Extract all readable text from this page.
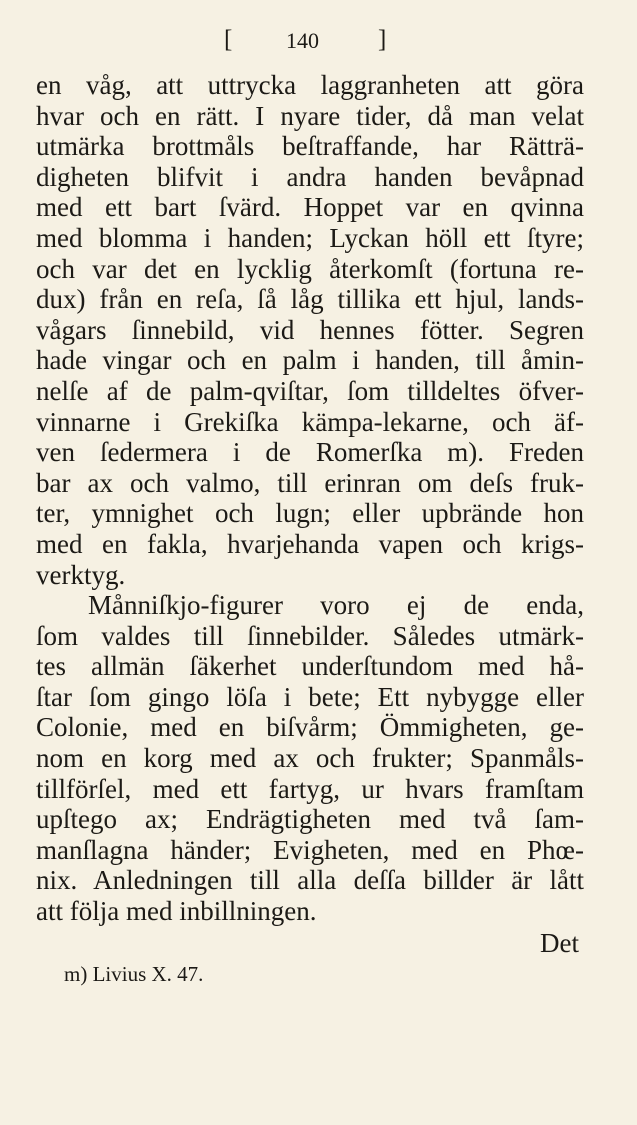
[ 140 ]
en våg, att uttrycka laggranheten att göra
hvar och en rätt. I nyare tider, då man velat
utmärka brottmåls beſtraffande, har Rätträ-
digheten blifvit i andra handen bevåpnad
med ett bart ſvärd. Hoppet var en qvinna
med blomma i handen; Lyckan höll ett ſtyre;
och var det en lycklig återkomſt (fortuna re-
dux) från en reſa, ſå låg tillika ett hjul, lands-
vågars ſinnebild, vid hennes fötter. Segren
hade vingar och en palm i handen, till åmin-
nelſe af de palm-qviſtar, ſom tilldeltes öfver-
vinnarne i Grekiſka kämpa-lekarne, och äf-
ven ſedermera i de Romerſka m). Freden
bar ax och valmo, till erinran om deſs fruk-
ter, ymnighet och lugn; eller upbrände hon
med en fakla, hvarjehanda vapen och krigs-
verktyg.
Månniſkjo-figurer voro ej de enda,
ſom valdes till ſinnebilder. Således utmärk-
tes allmän ſäkerhet underſtundom med hå-
ſtar ſom gingo löſa i bete; Ett nybygge eller
Colonie, med en biſvårm; Ömmigheten, ge-
nom en korg med ax och frukter; Spanmåls-
tillförſel, med ett fartyg, ur hvars framſtam
upſtego ax; Endrägtigheten med två ſam-
manſlagna händer; Evigheten, med en Phœ-
nix. Anledningen till alla deſſa billder är lått
att följa med inbillningen.
Det
m) Livius X. 47.
